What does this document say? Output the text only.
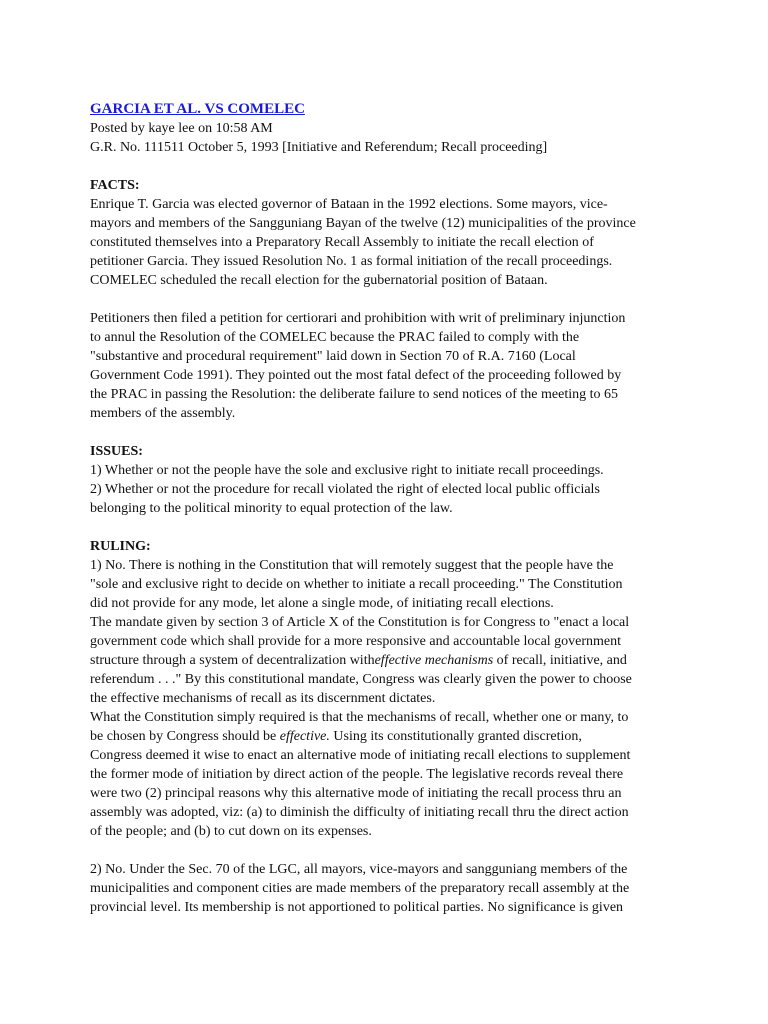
GARCIA ET AL. VS COMELEC
Posted by kaye lee on 10:58 AM
G.R. No. 111511 October 5, 1993 [Initiative and Referendum; Recall proceeding]
FACTS:
Enrique T. Garcia was elected governor of Bataan in the 1992 elections. Some mayors, vice-
mayors and members of the Sangguniang Bayan of the twelve (12) municipalities of the province
constituted themselves into a Preparatory Recall Assembly to initiate the recall election of
petitioner Garcia. They issued Resolution No. 1 as formal initiation of the recall proceedings.
COMELEC scheduled the recall election for the gubernatorial position of Bataan.
Petitioners then filed a petition for certiorari and prohibition with writ of preliminary injunction
to annul the Resolution of the COMELEC because the PRAC failed to comply with the
"substantive and procedural requirement" laid down in Section 70 of R.A. 7160 (Local
Government Code 1991). They pointed out the most fatal defect of the proceeding followed by
the PRAC in passing the Resolution: the deliberate failure to send notices of the meeting to 65
members of the assembly.
ISSUES:
1) Whether or not the people have the sole and exclusive right to initiate recall proceedings.
2) Whether or not the procedure for recall violated the right of elected local public officials
belonging to the political minority to equal protection of the law.
RULING:
1) No. There is nothing in the Constitution that will remotely suggest that the people have the
"sole and exclusive right to decide on whether to initiate a recall proceeding." The Constitution
did not provide for any mode, let alone a single mode, of initiating recall elections.
The mandate given by section 3 of Article X of the Constitution is for Congress to "enact a local
government code which shall provide for a more responsive and accountable local government
structure through a system of decentralization witheffective mechanisms of recall, initiative, and
referendum . . ." By this constitutional mandate, Congress was clearly given the power to choose
the effective mechanisms of recall as its discernment dictates.
What the Constitution simply required is that the mechanisms of recall, whether one or many, to
be chosen by Congress should be effective. Using its constitutionally granted discretion,
Congress deemed it wise to enact an alternative mode of initiating recall elections to supplement
the former mode of initiation by direct action of the people. The legislative records reveal there
were two (2) principal reasons why this alternative mode of initiating the recall process thru an
assembly was adopted, viz: (a) to diminish the difficulty of initiating recall thru the direct action
of the people; and (b) to cut down on its expenses.
2) No. Under the Sec. 70 of the LGC, all mayors, vice-mayors and sangguniang members of the
municipalities and component cities are made members of the preparatory recall assembly at the
provincial level. Its membership is not apportioned to political parties. No significance is given
